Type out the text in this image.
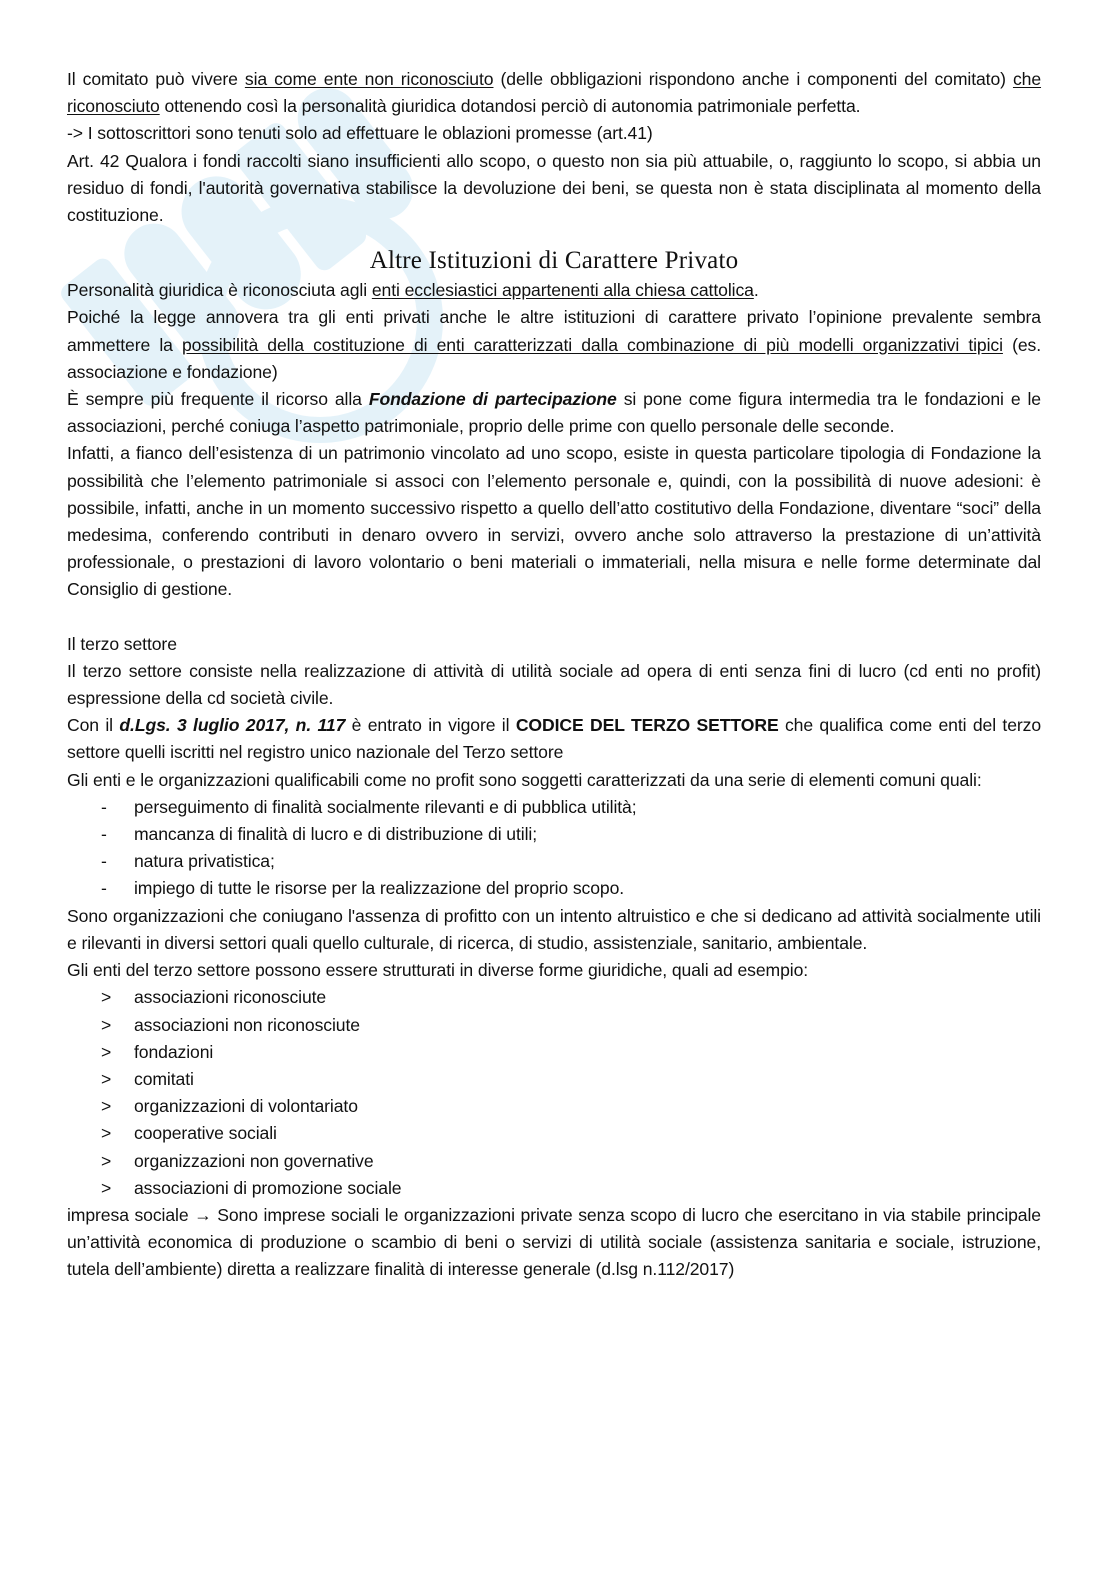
Il comitato può vivere sia come ente non riconosciuto (delle obbligazioni rispondono anche i componenti del comitato) che riconosciuto ottenendo così la personalità giuridica dotandosi perciò di autonomia patrimoniale perfetta.

-> I sottoscrittori sono tenuti solo ad effettuare le oblazioni promesse (art.41)

Art. 42 Qualora i fondi raccolti siano insufficienti allo scopo, o questo non sia più attuabile, o, raggiunto lo scopo, si abbia un residuo di fondi, l'autorità governativa stabilisce la devoluzione dei beni, se questa non è stata disciplinata al momento della costituzione.

Altre Istituzioni di Carattere Privato

Personalità giuridica è riconosciuta agli enti ecclesiastici appartenenti alla chiesa cattolica.

Poiché la legge annovera tra gli enti privati anche le altre istituzioni di carattere privato l’opinione prevalente sembra ammettere la possibilità della costituzione di enti caratterizzati dalla combinazione di più modelli organizzativi tipici (es. associazione e fondazione)

È sempre più frequente il ricorso alla Fondazione di partecipazione si pone come figura intermedia tra le fondazioni e le associazioni, perché coniuga l’aspetto patrimoniale, proprio delle prime con quello personale delle seconde.

Infatti, a fianco dell’esistenza di un patrimonio vincolato ad uno scopo, esiste in questa particolare tipologia di Fondazione la possibilità che l’elemento patrimoniale si associ con l’elemento personale e, quindi, con la possibilità di nuove adesioni: è possibile, infatti, anche in un momento successivo rispetto a quello dell’atto costitutivo della Fondazione, diventare “soci” della medesima, conferendo contributi in denaro ovvero in servizi, ovvero anche solo attraverso la prestazione di un’attività professionale, o prestazioni di lavoro volontario o beni materiali o immateriali, nella misura e nelle forme determinate dal Consiglio di gestione.

Il terzo settore

Il terzo settore consiste nella realizzazione di attività di utilità sociale ad opera di enti senza fini di lucro (cd enti no profit) espressione della cd società civile.

Con il d.Lgs. 3 luglio 2017, n. 117 è entrato in vigore il CODICE DEL TERZO SETTORE che qualifica come enti del terzo settore quelli iscritti nel registro unico nazionale del Terzo settore

Gli enti e le organizzazioni qualificabili come no profit sono soggetti caratterizzati da una serie di elementi comuni quali:

- perseguimento di finalità socialmente rilevanti e di pubblica utilità;
- mancanza di finalità di lucro e di distribuzione di utili;
- natura privatistica;
- impiego di tutte le risorse per la realizzazione del proprio scopo.

Sono organizzazioni che coniugano l'assenza di profitto con un intento altruistico e che si dedicano ad attività socialmente utili e rilevanti in diversi settori quali quello culturale, di ricerca, di studio, assistenziale, sanitario, ambientale.

Gli enti del terzo settore possono essere strutturati in diverse forme giuridiche, quali ad esempio:

> associazioni riconosciute
> associazioni non riconosciute
> fondazioni
> comitati
> organizzazioni di volontariato
> cooperative sociali
> organizzazioni non governative
> associazioni di promozione sociale

impresa sociale → Sono imprese sociali le organizzazioni private senza scopo di lucro che esercitano in via stabile principale un’attività economica di produzione o scambio di beni o servizi di utilità sociale (assistenza sanitaria e sociale, istruzione, tutela dell’ambiente) diretta a realizzare finalità di interesse generale (d.lsg n.112/2017)
